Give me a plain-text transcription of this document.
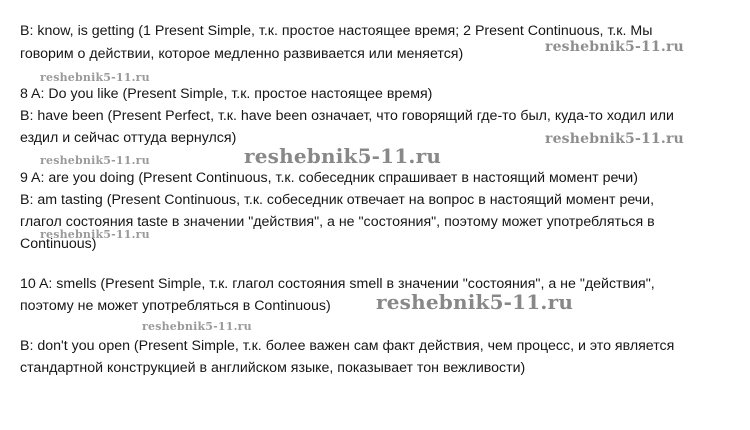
B: know, is getting (1 Present Simple, т.к. простое настоящее время; 2 Present Continuous, т.к. Мы
говорим о действии, которое медленно развивается или меняется)
8 A: Do you like (Present Simple, т.к. простое настоящее время)
B: have been (Present Perfect, т.к. have been означает, что говорящий где-то был, куда-то ходил или
ездил и сейчас оттуда вернулся)
9 A: are you doing (Present Continuous, т.к. собеседник спрашивает в настоящий момент речи)
B: am tasting (Present Continuous, т.к. собеседник отвечает на вопрос в настоящий момент речи,
глагол состояния taste в значении "действия", а не "состояния", поэтому может употребляться в
Continuous)
10 A: smells (Present Simple, т.к. глагол состояния smell в значении "состояния", а не "действия",
поэтому не может употребляться в Continuous)
B: don't you open (Present Simple, т.к. более важен сам факт действия, чем процесс, и это является
стандартной конструкцией в английском языке, показывает тон вежливости)
reshebnik5-11.ru
reshebnik5-11.ru
reshebnik5-11.ru
reshebnik5-11.ru	reshebnik5-11.ru
reshebnik5-11.ru
reshebnik5-11.ru
reshebnik5-11.ru
